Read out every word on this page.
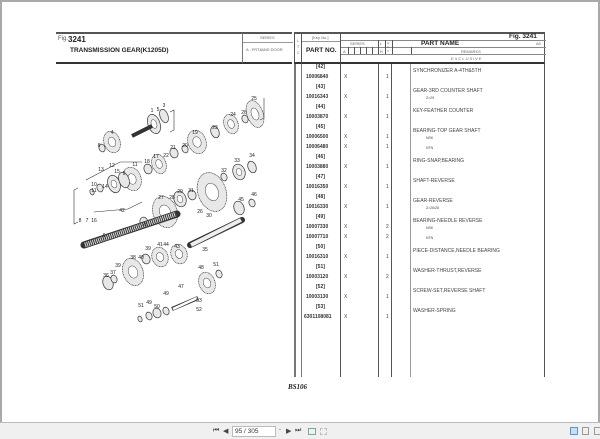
Fig. 3241
TRANSMISSION GEAR(K1205D)
SERIES
A : FRT&MID DOOR
L T C
[Key No.]
PART NO.
SERIES
A
L
R
Q T Y
PART NAME
REMARKS
EXCLUSIVE
Fig. 3241
A0
1 5
3
25
24 26
4
6
23
19
20
21
22
17
18
12	11
13 15 9
10 14
33
34
32
31
29
27 28	45
46
11
42
8 7 16
26
30
26
6
35
43
41 44
39
38 40
39
37
36
48 51
47
49
53
52
51 49
50
[42]
SYNCHRONIZER A-4TH&5TH
10006840	X	1
[43]
GEAR-3RD COUNTER SHAFT
10016343	X	1	Z=29
[44]
KEY-FEATHER COUNTER
10003870	X	1
[45]
BEARING-TOP GEAR SHAFT
10006500	X	1	NSK
10006480	X	1	NTN
[46]
RING-SNAP,BEARING
10003880	X	1
[47]
SHAFT-REVERSE
10016350	X	1
[48]
GEAR-REVERSE
10016330	X	1	Z=26/28
[49]
BEARING-NEEDLE REVERSE
10007330	X	2	NSK
10007710	X	2	NTN
[50]
PIECE-DISTANCE,NEEDLE BEARING
10016310	X	1
[51]
WASHER-THRUST,REVERSE
10003120	X	2
[52]
SCREW-SET,REVERSE SHAFT
10003130	X	1
[53]
WASHER-SPRING
6301108081 X	1
BS106
⏮ ◀	95 / 305	- ▶ ⏭
